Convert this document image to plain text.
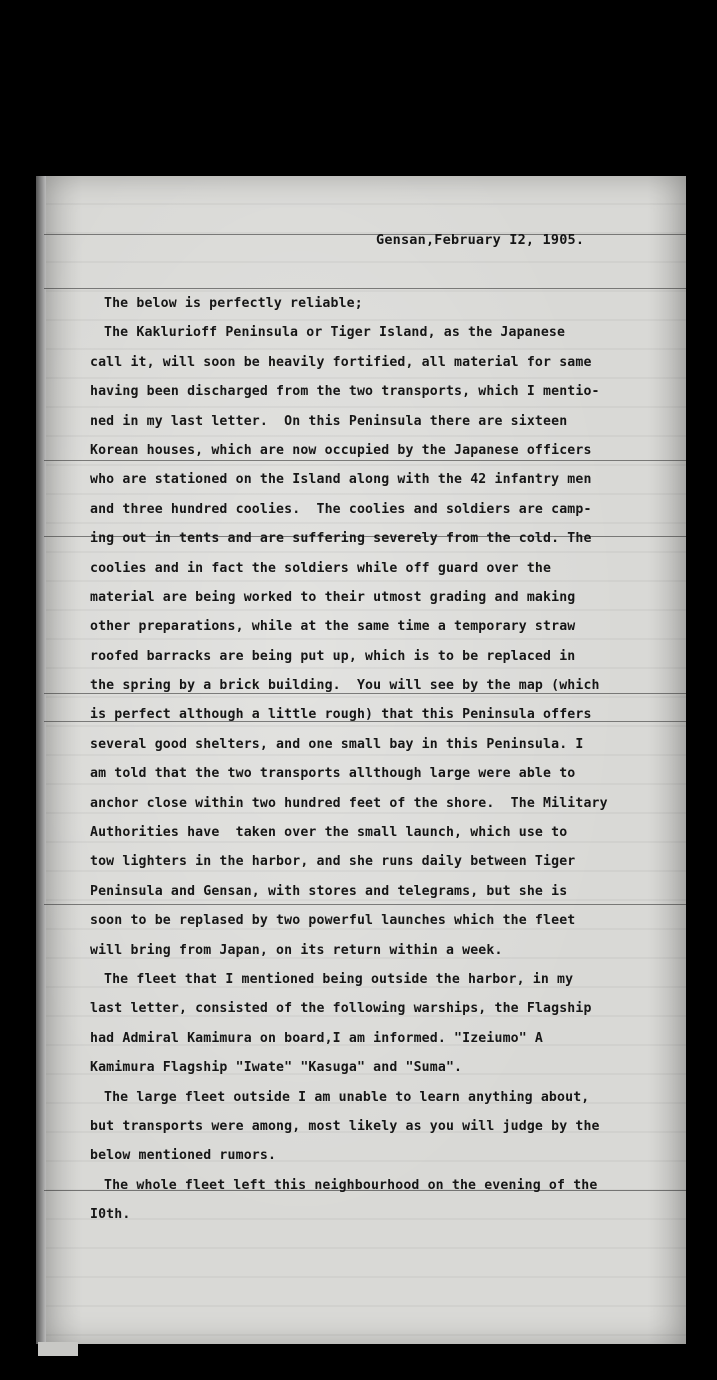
Gensan,February I2, 1905.
The below is perfectly reliable;
The Kaklurioff Peninsula or Tiger Island, as the Japanese
call it, will soon be heavily fortified, all material for same
having been discharged from the two transports, which I mentio-
ned in my last letter.  On this Peninsula there are sixteen
Korean houses, which are now occupied by the Japanese officers
who are stationed on the Island along with the 42 infantry men
and three hundred coolies.  The coolies and soldiers are camp-
ing out in tents and are suffering severely from the cold. The
coolies and in fact the soldiers while off guard over the
material are being worked to their utmost grading and making
other preparations, while at the same time a temporary straw
roofed barracks are being put up, which is to be replaced in
the spring by a brick building.  You will see by the map (which
is perfect although a little rough) that this Peninsula offers
several good shelters, and one small bay in this Peninsula. I
am told that the two transports allthough large were able to
anchor close within two hundred feet of the shore.  The Military
Authorities have  taken over the small launch, which use to
tow lighters in the harbor, and she runs daily between Tiger
Peninsula and Gensan, with stores and telegrams, but she is
soon to be replased by two powerful launches which the fleet
will bring from Japan, on its return within a week.
The fleet that I mentioned being outside the harbor, in my
last letter, consisted of the following warships, the Flagship
had Admiral Kamimura on board,I am informed. "Izeiumo" A
Kamimura Flagship "Iwate" "Kasuga" and "Suma".
The large fleet outside I am unable to learn anything about,
but transports were among, most likely as you will judge by the
below mentioned rumors.
The whole fleet left this neighbourhood on the evening of the
I0th.
